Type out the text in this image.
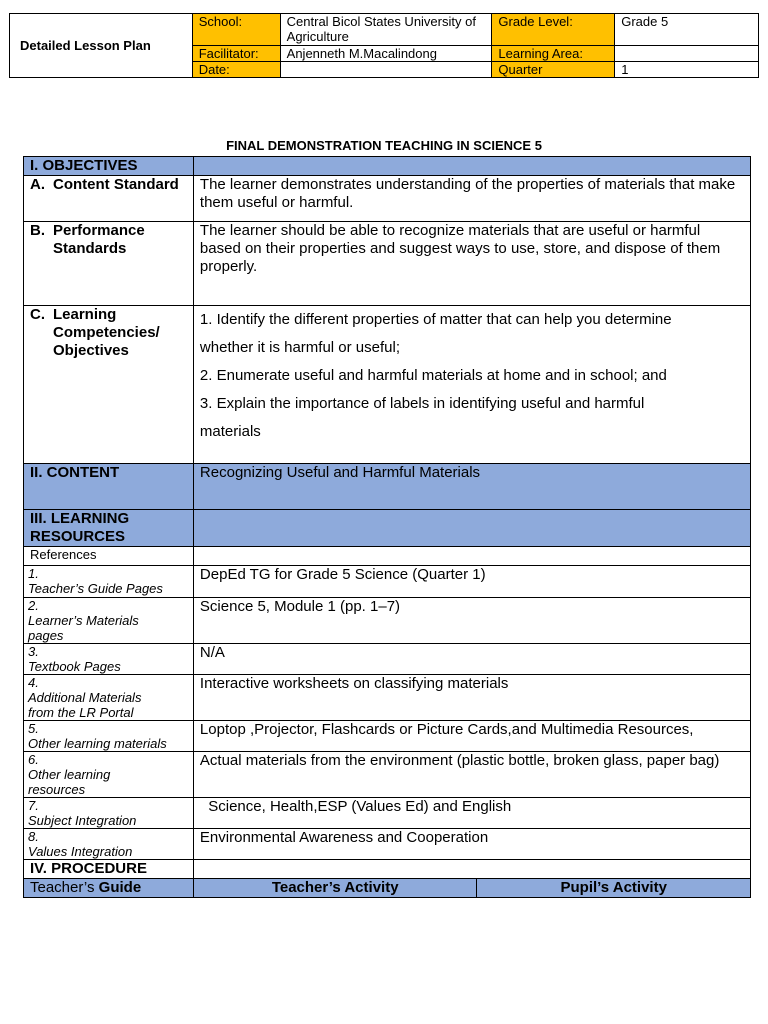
Detailed Lesson Plan	School:	Central Bicol States University of Agriculture	Grade Level:	Grade 5
	Facilitator:	Anjenneth M.Macalindong	Learning Area:	
	Date:		Quarter	1
FINAL DEMONSTRATION TEACHING IN SCIENCE 5
I. OBJECTIVES		
A. Content Standard	The learner demonstrates understanding of the properties of materials that make them useful or harmful.	
B. Performance Standards	The learner should be able to recognize materials that are useful or harmful based on their properties and suggest ways to use, store, and dispose of them properly.	
C. Learning Competencies/ Objectives	1. Identify the different properties of matter that can help you determine

whether it is harmful or useful;

2. Enumerate useful and harmful materials at home and in school; and

3. Explain the importance of labels in identifying useful and harmful

materials	

II. CONTENT	Recognizing Useful and Harmful Materials	
III. LEARNING RESOURCES		
References		
1.Teacher’s Guide Pages	DepEd TG for Grade 5 Science (Quarter 1)	
2.Learner’s Materials pages	Science 5, Module 1 (pp. 1–7)	
3.Textbook Pages	N/A	
4.Additional Materials from the LR Portal	Interactive worksheets on classifying materials	
5.Other learning materials	Loptop ,Projector, Flashcards or Picture Cards,and Multimedia Resources,	
6.Other learning resources	Actual materials from the environment (plastic bottle, broken glass, paper bag)	
7.Subject Integration	Science, Health,ESP (Values Ed) and English	
8.Values Integration	Environmental Awareness and Cooperation	
IV. PROCEDURE		
Teacher’s Guide	Teacher’s Activity	Pupil’s Activity
